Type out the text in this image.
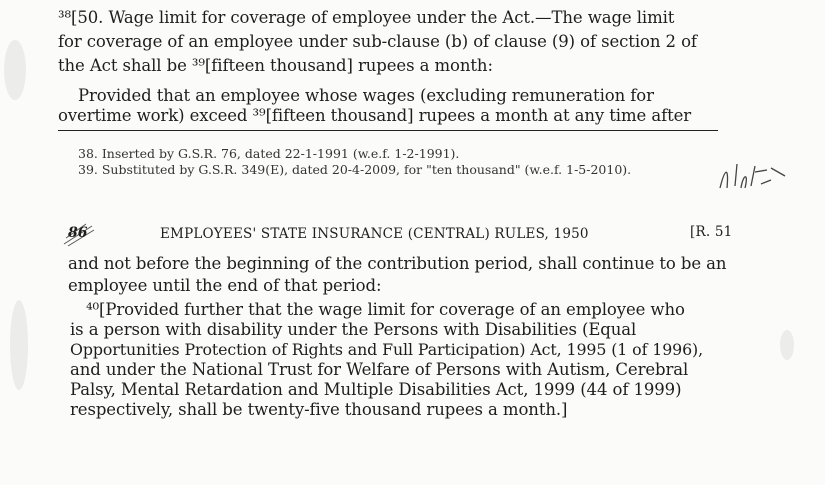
³⁸[50. Wage limit for coverage of employee under the Act.—The wage limit
for coverage of an employee under sub-clause (b) of clause (9) of section 2 of
the Act shall be ³⁹[fifteen thousand] rupees a month:
Provided that an employee whose wages (excluding remuneration for
overtime work) exceed ³⁹[fifteen thousand] rupees a month at any time after
38. Inserted by G.S.R. 76, dated 22-1-1991 (w.e.f. 1-2-1991).
39. Substituted by G.S.R. 349(E), dated 20-4-2009, for "ten thousand" (w.e.f. 1-5-2010).
86	EMPLOYEES' STATE INSURANCE (CENTRAL) RULES, 1950	[R. 51
and not before the beginning of the contribution period, shall continue to be an
employee until the end of that period:
⁴⁰[Provided further that the wage limit for coverage of an employee who
is a person with disability under the Persons with Disabilities (Equal
Opportunities Protection of Rights and Full Participation) Act, 1995 (1 of 1996),
and under the National Trust for Welfare of Persons with Autism, Cerebral
Palsy, Mental Retardation and Multiple Disabilities Act, 1999 (44 of 1999)
respectively, shall be twenty-five thousand rupees a month.]
